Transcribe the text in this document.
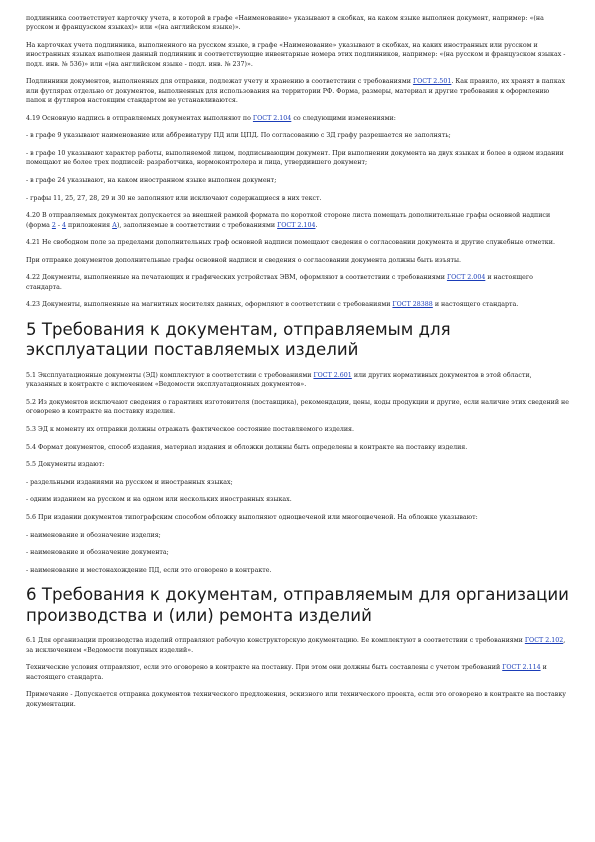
подлинника соответствует карточку учета, в которой в графе «Наименование» указывают в скобках, на каком языке выполнен документ, например: «(на русском и французском языках)» или «(на английском языке)».

На карточках учета подлинника, выполненного на русском языке, в графе «Наименование» указывают в скобках, на каких иностранных или русском и иностранных языках выполнен данный подлинник и соответствующие инвентарные номера этих подлинников, например: «(на русском и французском языках - подл. инв. № 536)» или «(на английском языке - подл. инв. № 237)».

Подлинники документов, выполненных для отправки, подлежат учету и хранению в соответствии с требованиями ГОСТ 2.501. Как правило, их хранят в папках или футлярах отдельно от документов, выполненных для использования на территории РФ. Форма, размеры, материал и другие требования к оформлению папок и футляров настоящим стандартом не устанавливаются.

4.19 Основную надпись в отправляемых документах выполняют по ГОСТ 2.104 со следующими изменениями:

- в графе 9 указывают наименование или аббревиатуру ПД или ЦПД. По согласованию с ЗД графу разрешается не заполнять;

- в графе 10 указывают характер работы, выполняемой лицом, подписывающим документ. При выполнении документа на двух языках и более в одном издании помещают не более трех подписей: разработчика, нормоконтролера и лица, утвердившего документ;

- в графе 24 указывают, на каком иностранном языке выполнен документ;

- графы 11, 25, 27, 28, 29 и 30 не заполняют или исключают содержащиеся в них текст.

4.20 В отправляемых документах допускается за внешней рамкой формата по короткой стороне листа помещать дополнительные графы основной надписи (форма 2 - 4 приложения А), заполняемые в соответствии с требованиями ГОСТ 2.104.

4.21 Не свободном поле за пределами дополнительных граф основной надписи помещают сведения о согласовании документа и другие служебные отметки.

При отправке документов дополнительные графы основной надписи и сведения о согласовании документа должны быть изъяты.

4.22 Документы, выполненные на печатающих и графических устройствах ЭВМ, оформляют в соответствии с требованиями ГОСТ 2.004 и настоящего стандарта.

4.23 Документы, выполненные на магнитных носителях данных, оформляют в соответствии с требованиями ГОСТ 28388 и настоящего стандарта.

5 Требования к документам, отправляемым для эксплуатации поставляемых изделий

5.1 Эксплуатационные документы (ЭД) комплектуют в соответствии с требованиями ГОСТ 2.601 или других нормативных документов в этой области, указанных в контракте с включением «Ведомости эксплуатационных документов».

5.2 Из документов исключают сведения о гарантиях изготовителя (поставщика), рекомендации, цены, коды продукции и другие, если наличие этих сведений не оговорено в контракте на поставку изделия.

5.3 ЭД к моменту их отправки должны отражать фактическое состояние поставляемого изделия.

5.4 Формат документов, способ издания, материал издания и обложки должны быть определены в контракте на поставку изделия.

5.5 Документы издают:

- раздельными изданиями на русском и иностранных языках;

- одним изданием на русском и на одном или нескольких иностранных языках.

5.6 При издании документов типографским способом обложку выполняют одноцвеченой или многоцвеченой. На обложке указывают:

- наименование и обозначение изделия;

- наименование и обозначение документа;

- наименование и местонахождение ПД, если это оговорено в контракте.

6 Требования к документам, отправляемым для организации производства и (или) ремонта изделий

6.1 Для организации производства изделий отправляют рабочую конструкторскую документацию. Ее комплектуют в соответствии с требованиями ГОСТ 2.102, за исключением «Ведомости покупных изделий».

Технические условия отправляют, если это оговорено в контракте на поставку. При этом они должны быть составлены с учетом требований ГОСТ 2.114 и настоящего стандарта.

Примечание - Допускается отправка документов технического предложения, эскизного или технического проекта, если это оговорено в контракте на поставку документации.
